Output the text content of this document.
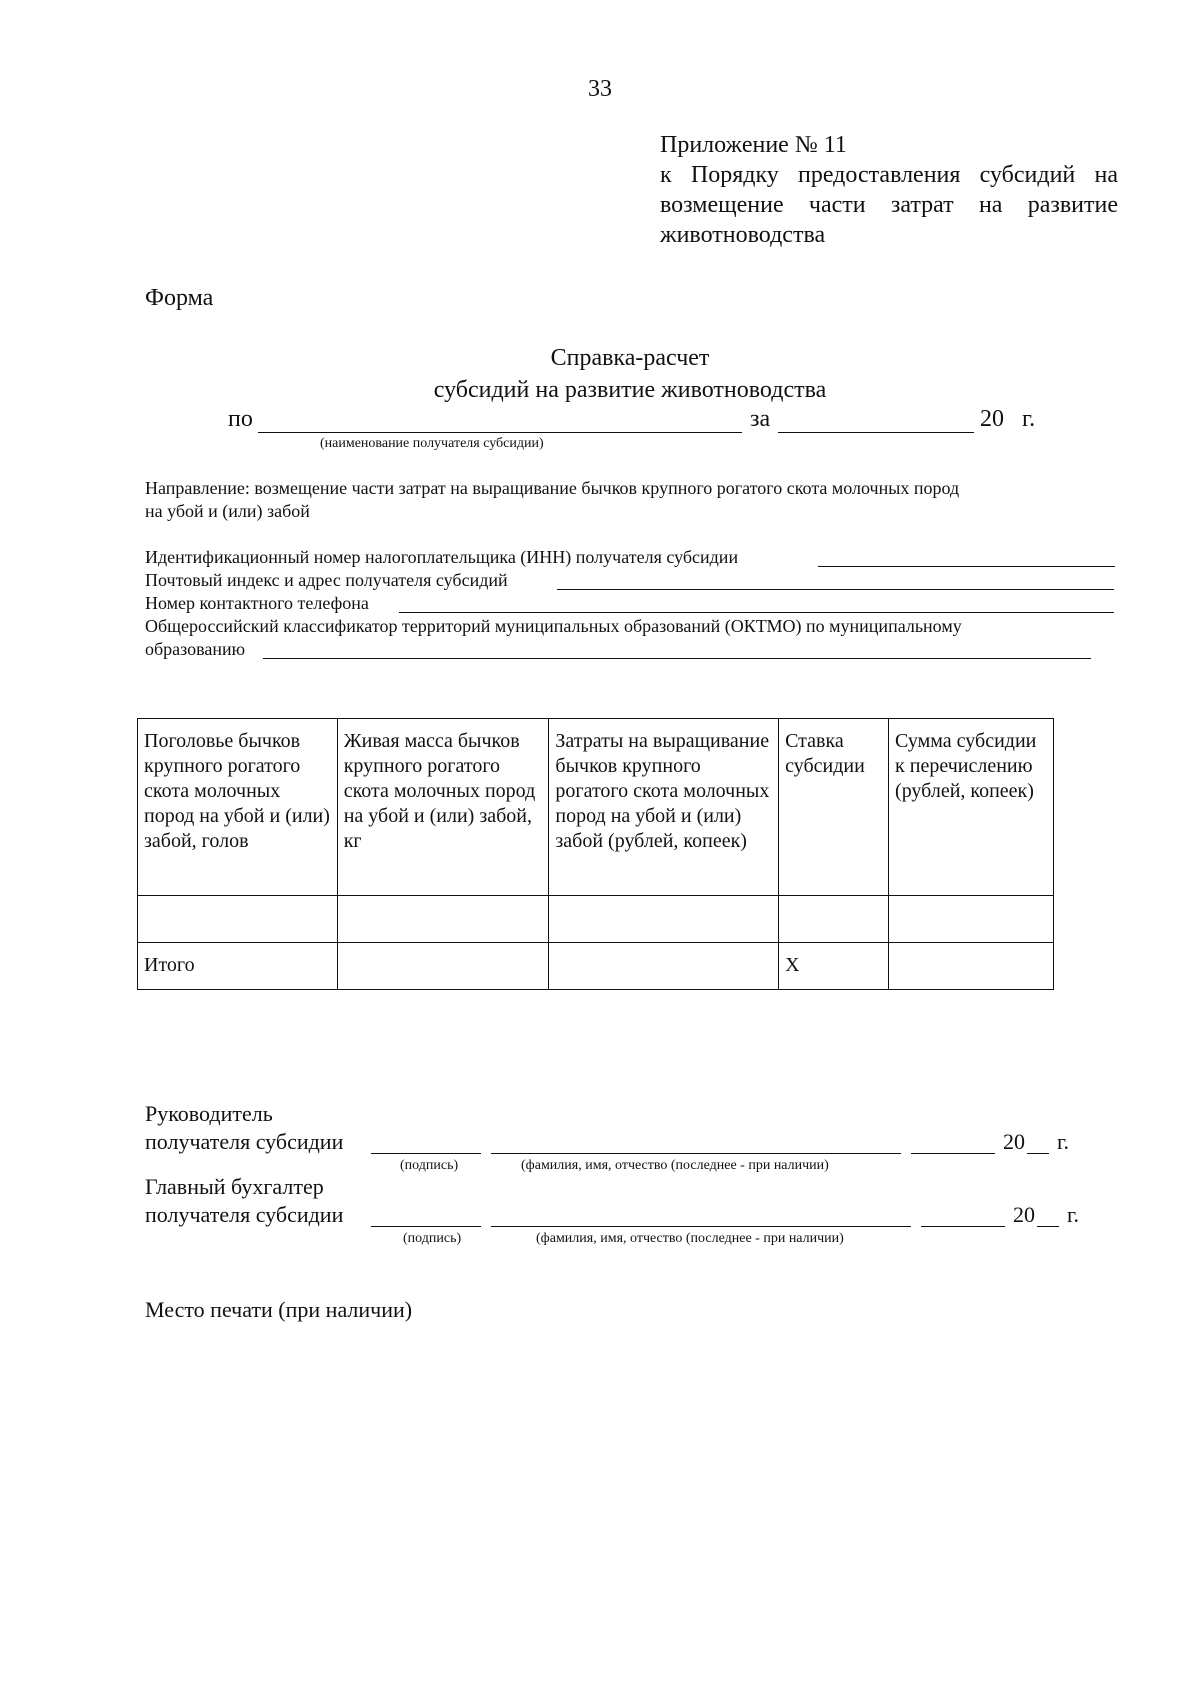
33
Приложение № 11
к Порядку предоставления субсидий на
возмещение части затрат на развитие
животноводства
Форма
Справка-расчет
субсидий на развитие животноводства
по	за	20 г.
(наименование получателя субсидии)
Направление: возмещение части затрат на выращивание бычков крупного рогатого скота молочных пород
на убой и (или) забой
Идентификационный номер налогоплательщика (ИНН) получателя субсидии
Почтовый индекс и адрес получателя субсидий
Номер контактного телефона
Общероссийский классификатор территорий муниципальных образований (ОКТМО) по муниципальному
образованию
Поголовье бычков крупного рогатого скота молочных пород на убой и (или) забой, голов	Живая масса бычков крупного рогатого скота молочных пород на убой и (или) забой, кг	Затраты на выращивание бычков крупного рогатого скота молочных пород на убой и (или) забой (рублей, копеек)	Ставка субсидии	Сумма субсидии к перечислению (рублей, копеек)

Итого			X	
Руководитель
получателя субсидии	20 г.
(подпись)	(фамилия, имя, отчество (последнее - при наличии)
Главный бухгалтер
получателя субсидии	20 г.
(подпись)	(фамилия, имя, отчество (последнее - при наличии)
Место печати (при наличии)
